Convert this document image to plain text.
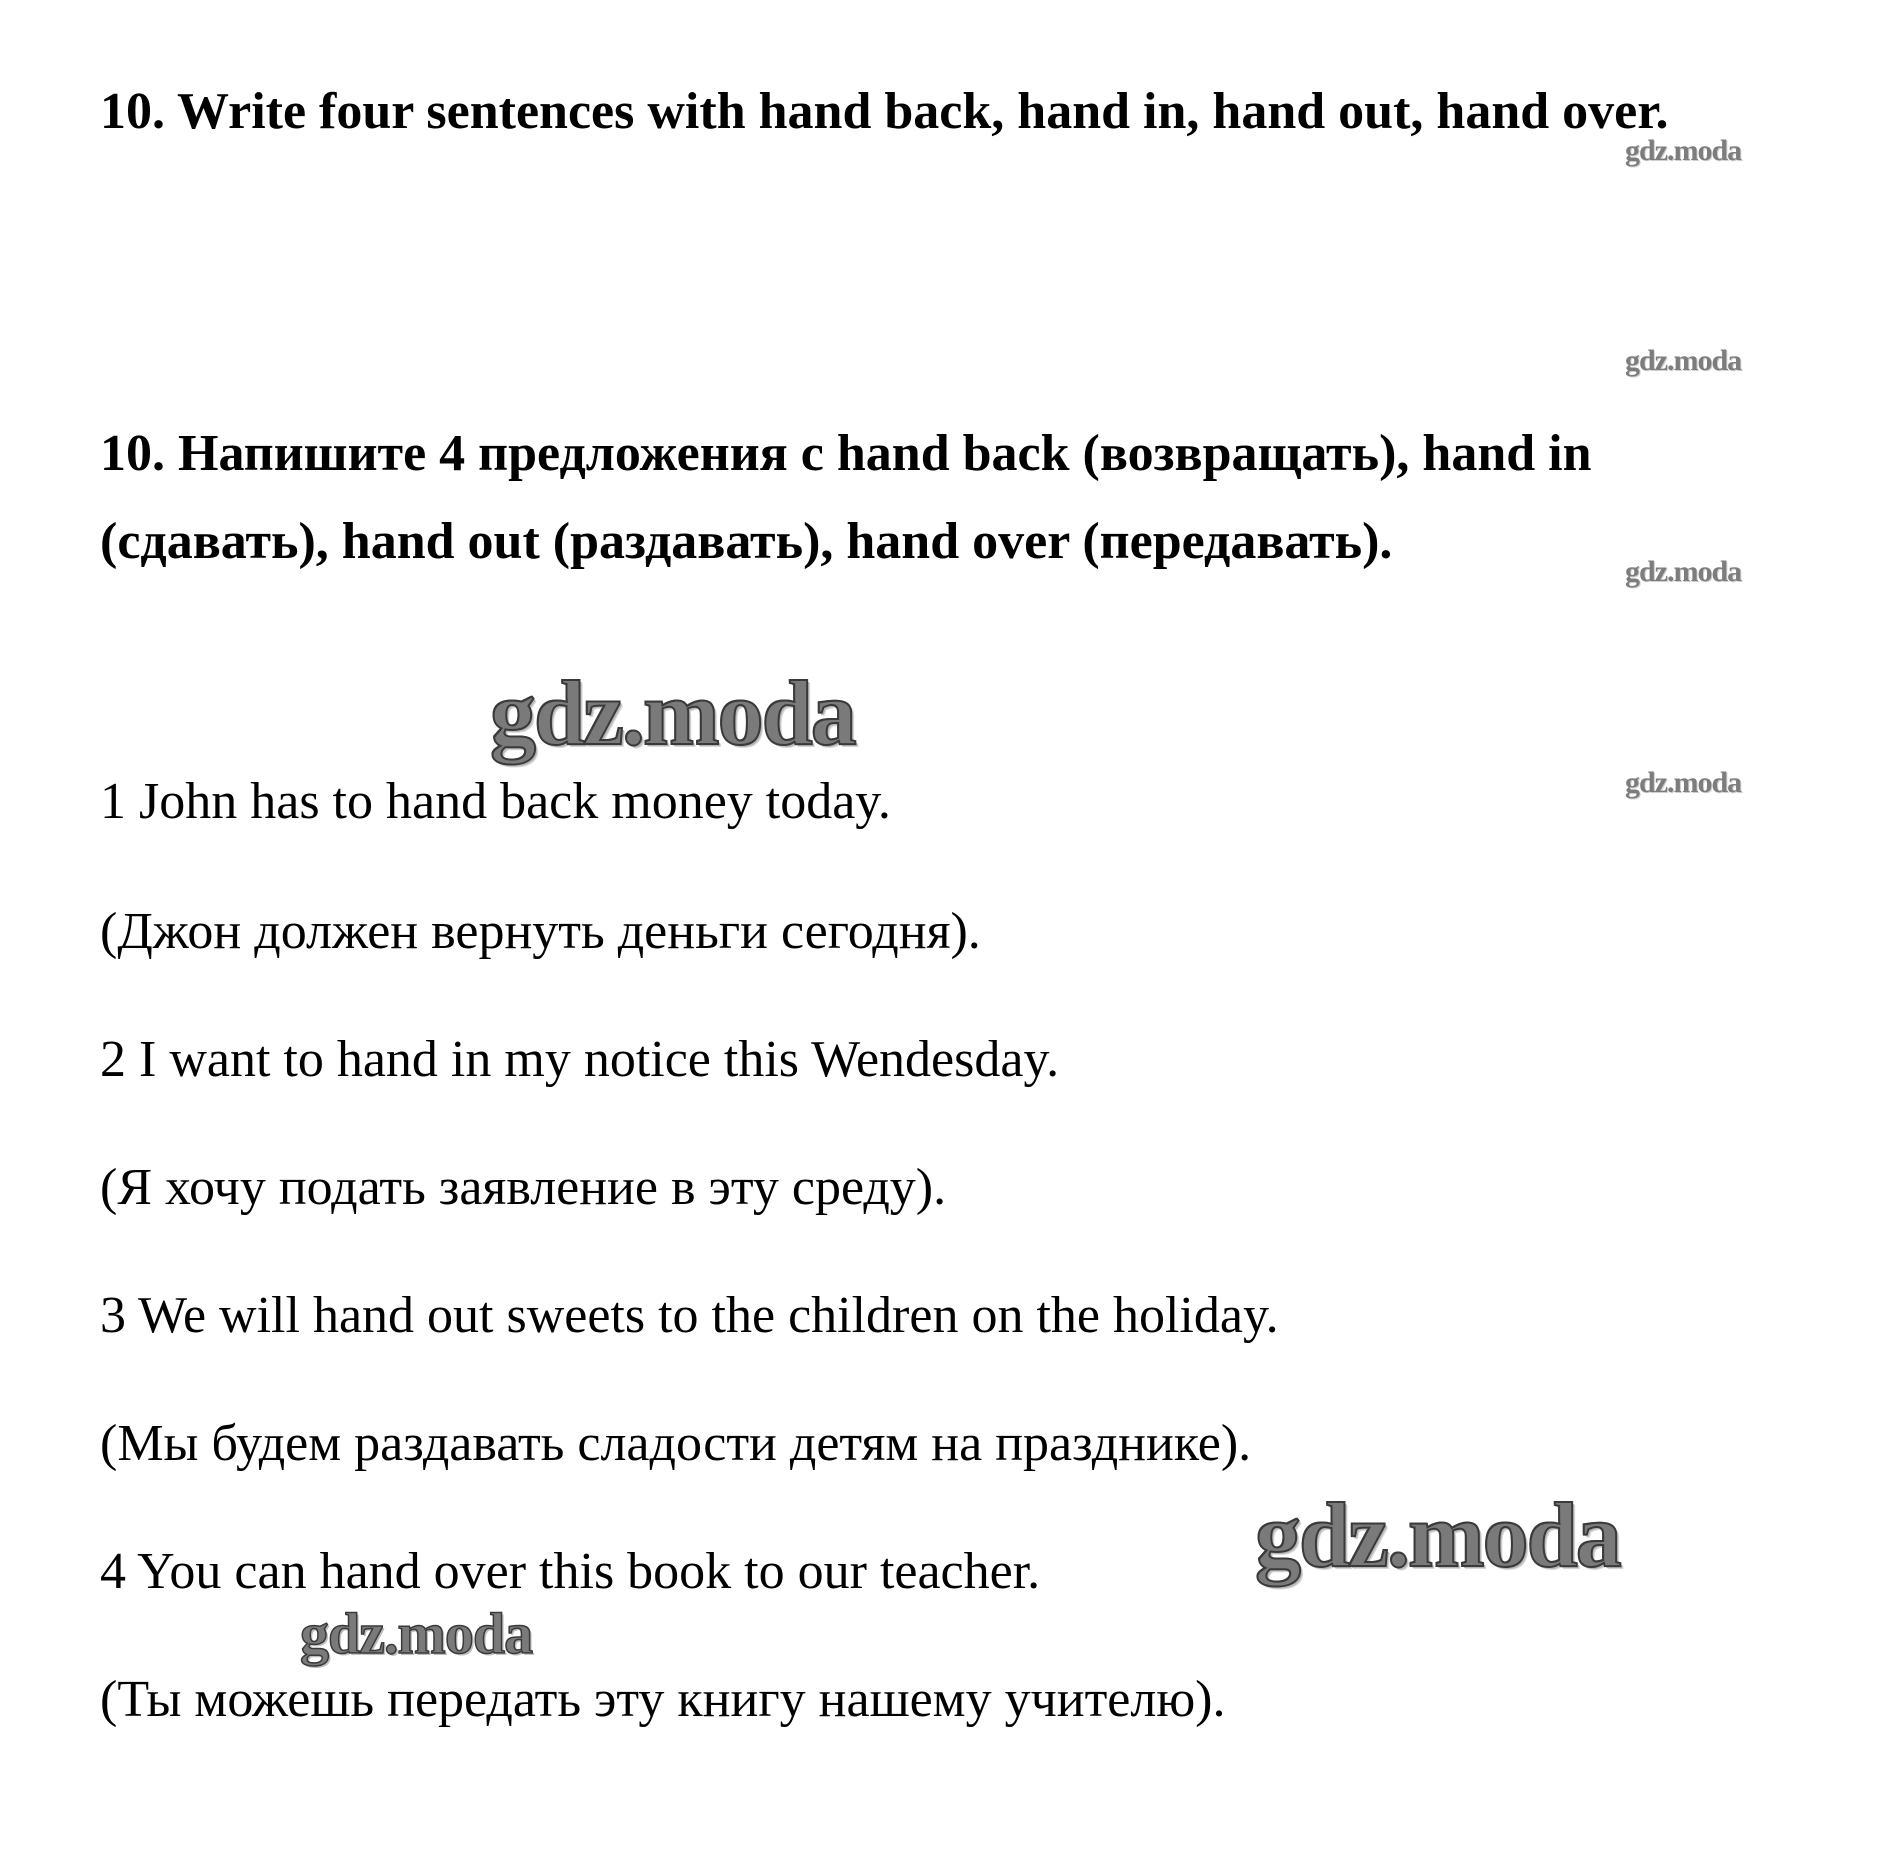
10. Write four sentences with hand back, hand in, hand out, hand over.

10. Напишите 4 предложения с hand back (возвращать), hand in (сдавать), hand out (раздавать), hand over (передавать).

1 John has to hand back money today.

(Джон должен вернуть деньги сегодня).

2 I want to hand in my notice this Wendesday.

(Я хочу подать заявление в эту среду).

3 We will hand out sweets to the children on the holiday.

(Мы будем раздавать сладости детям на празднике).

4 You can hand over this book to our teacher.

(Ты можешь передать эту книгу нашему учителю).

gdz.moda
gdz.moda
gdz.moda
gdz.moda
gdz.moda
gdz.moda
gdz.moda
